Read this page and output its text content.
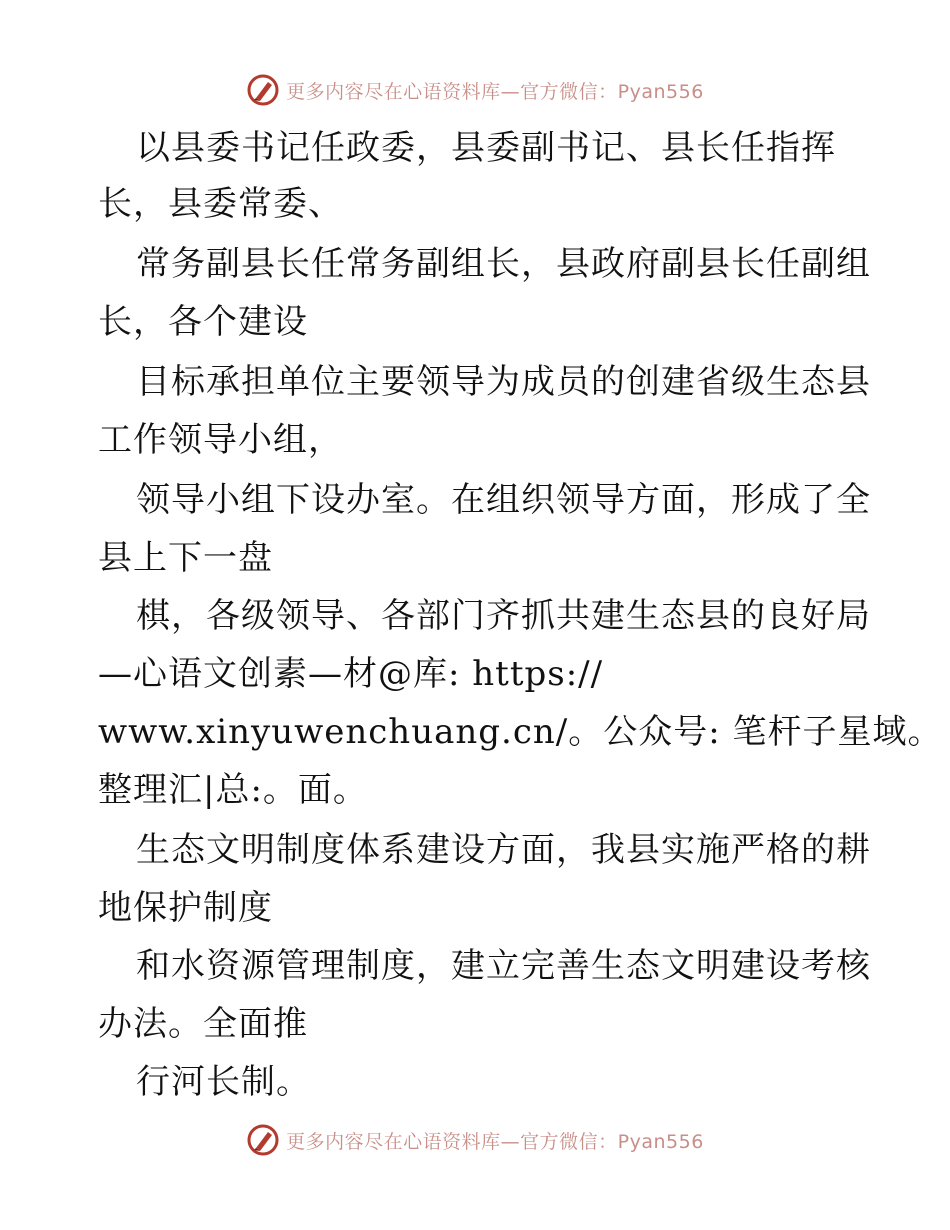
更多内容尽在心语资料库—官方微信：Pyan556
以县委书记任政委，县委副书记、县长任指挥
长，县委常委、
常务副县长任常务副组长，县政府副县长任副组
长，各个建设
目标承担单位主要领导为成员的创建省级生态县
工作领导小组，
领导小组下设办室。在组织领导方面，形成了全
县上下一盘
棋，各级领导、各部门齐抓共建生态县的良好局
—心语文创素—材@库: https://
www.xinyuwenchuang.cn/。公众号: 笔杆子星域。
整理汇|总:。面。
生态文明制度体系建设方面，我县实施严格的耕
地保护制度
和水资源管理制度，建立完善生态文明建设考核
办法。全面推
行河长制。
更多内容尽在心语资料库—官方微信：Pyan556
